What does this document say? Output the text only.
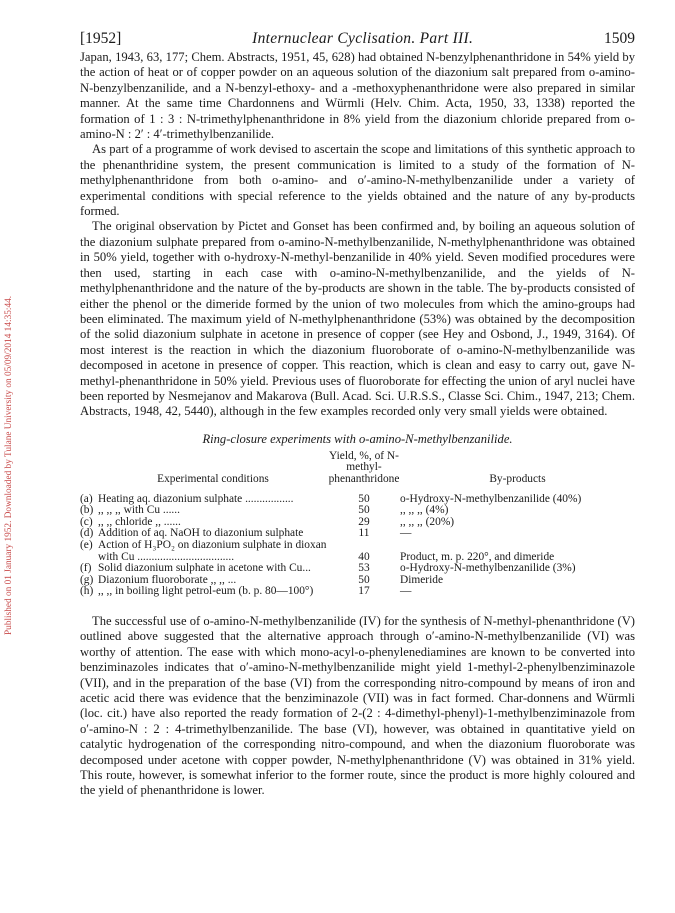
Published on 01 January 1952. Downloaded by Tulane University on 05/09/2014 14:35:44.
[1952]	Internuclear Cyclisation. Part III.	1509

Japan, 1943, 63, 177; Chem. Abstracts, 1951, 45, 628) had obtained N-benzylphenanthridone in 54% yield by the action of heat or of copper powder on an aqueous solution of the diazonium salt prepared from o-amino-N-benzylbenzanilide, and a N-benzyl-ethoxy- and a -methoxyphenanthridone were also prepared in similar manner. At the same time Chardonnens and Würmli (Helv. Chim. Acta, 1950, 33, 1338) reported the formation of 1 : 3 : N-trimethylphenanthridone in 8% yield from the diazonium chloride prepared from o-amino-N : 2′ : 4′-trimethylbenzanilide.

As part of a programme of work devised to ascertain the scope and limitations of this synthetic approach to the phenanthridine system, the present communication is limited to a study of the formation of N-methylphenanthridone from both o-amino- and o′-amino-N-methylbenzanilide under a variety of experimental conditions with special reference to the yields obtained and the nature of any by-products formed.

The original observation by Pictet and Gonset has been confirmed and, by boiling an aqueous solution of the diazonium sulphate prepared from o-amino-N-methylbenzanilide, N-methylphenanthridone was obtained in 50% yield, together with o-hydroxy-N-methyl-benzanilide in 40% yield. Seven modified procedures were then used, starting in each case with o-amino-N-methylbenzanilide, and the yields of N-methylphenanthridone and the nature of the by-products are shown in the table. The by-products consisted of either the phenol or the dimeride formed by the union of two molecules from which the amino-groups had been eliminated. The maximum yield of N-methylphenanthridone (53%) was obtained by the decomposition of the solid diazonium sulphate in acetone in presence of copper (see Hey and Osbond, J., 1949, 3164). Of most interest is the reaction in which the diazonium fluoroborate of o-amino-N-methylbenzanilide was decomposed in acetone in presence of copper. This reaction, which is clean and easy to carry out, gave N-methyl-phenanthridone in 50% yield. Previous uses of fluoroborate for effecting the union of aryl nuclei have been reported by Nesmejanov and Makarova (Bull. Acad. Sci. U.R.S.S., Classe Sci. Chim., 1947, 213; Chem. Abstracts, 1948, 42, 5440), although in the few examples recorded only very small yields were obtained.

Ring-closure experiments with o-amino-N-methylbenzanilide.
	Experimental conditions	Yield, %, of N-methyl-phenanthridone	By-products

(a)	Heating aq. diazonium sulphate .................	50	o-Hydroxy-N-methylbenzanilide (40%)
(b)	,, ,, ,, with Cu ......	50	,, ,, ,, (4%)
(c)	,, ,, chloride ,, ......	29	,, ,, ,, (20%)
(d)	Addition of aq. NaOH to diazonium sulphate	11	—
(e)	Action of H₃PO₂ on diazonium sulphate in dioxan with Cu ..................................	40	Product, m. p. 220°, and dimeride
(f)	Solid diazonium sulphate in acetone with Cu...	53	o-Hydroxy-N-methylbenzanilide (3%)
(g)	Diazonium fluoroborate ,, ,, ...	50	Dimeride
(h)	,, ,, in boiling light petrol-eum (b. p. 80—100°)	17	—

The successful use of o-amino-N-methylbenzanilide (IV) for the synthesis of N-methyl-phenanthridone (V) outlined above suggested that the alternative approach through o′-amino-N-methylbenzanilide (VI) was worthy of attention. The ease with which mono-acyl-o-phenylenediamines are known to be converted into benziminazoles indicates that o′-amino-N-methylbenzanilide might yield 1-methyl-2-phenylbenziminazole (VII), and in the preparation of the base (VI) from the corresponding nitro-compound by means of iron and acetic acid there was evidence that the benziminazole (VII) was in fact formed. Char-donnens and Würmli (loc. cit.) have also reported the ready formation of 2-(2 : 4-dimethyl-phenyl)-1-methylbenziminazole from o′-amino-N : 2 : 4-trimethylbenzanilide. The base (VI), however, was obtained in quantitative yield on catalytic hydrogenation of the corresponding nitro-compound, and when the diazonium fluoroborate was decomposed under acetone with copper powder, N-methylphenanthridone (V) was obtained in 31% yield. This route, however, is somewhat inferior to the former route, since the product is more highly coloured and the yield of phenanthridone is lower.
